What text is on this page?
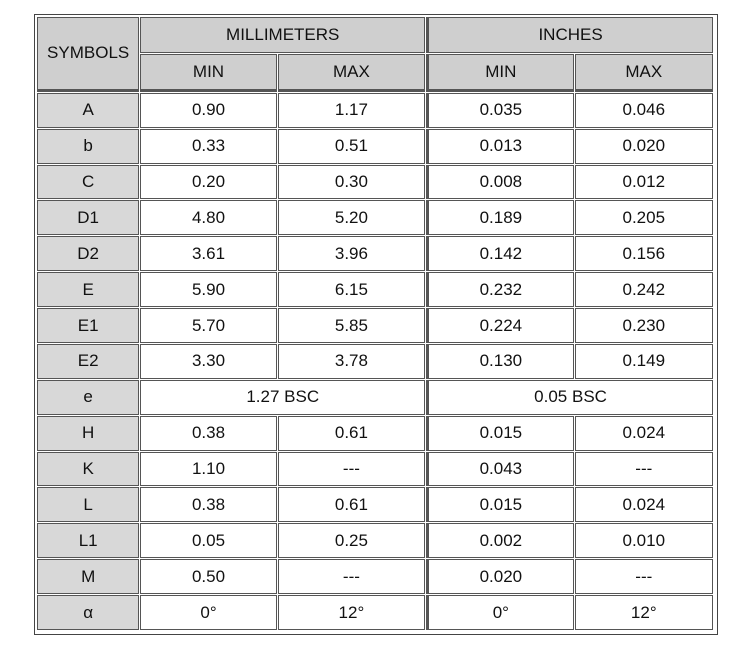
SYMBOLS	MILLIMETERS		INCHES	
	MIN	MAX	MIN	MAX
A	0.90	1.17	0.035	0.046
b	0.33	0.51	0.013	0.020
C	0.20	0.30	0.008	0.012
D1	4.80	5.20	0.189	0.205
D2	3.61	3.96	0.142	0.156
E	5.90	6.15	0.232	0.242
E1	5.70	5.85	0.224	0.230
E2	3.30	3.78	0.130	0.149
e	1.27 BSC		0.05 BSC	
H	0.38	0.61	0.015	0.024
K	1.10	---	0.043	---
L	0.38	0.61	0.015	0.024
L1	0.05	0.25	0.002	0.010
M	0.50	---	0.020	---
α	0°	12°	0°	12°
